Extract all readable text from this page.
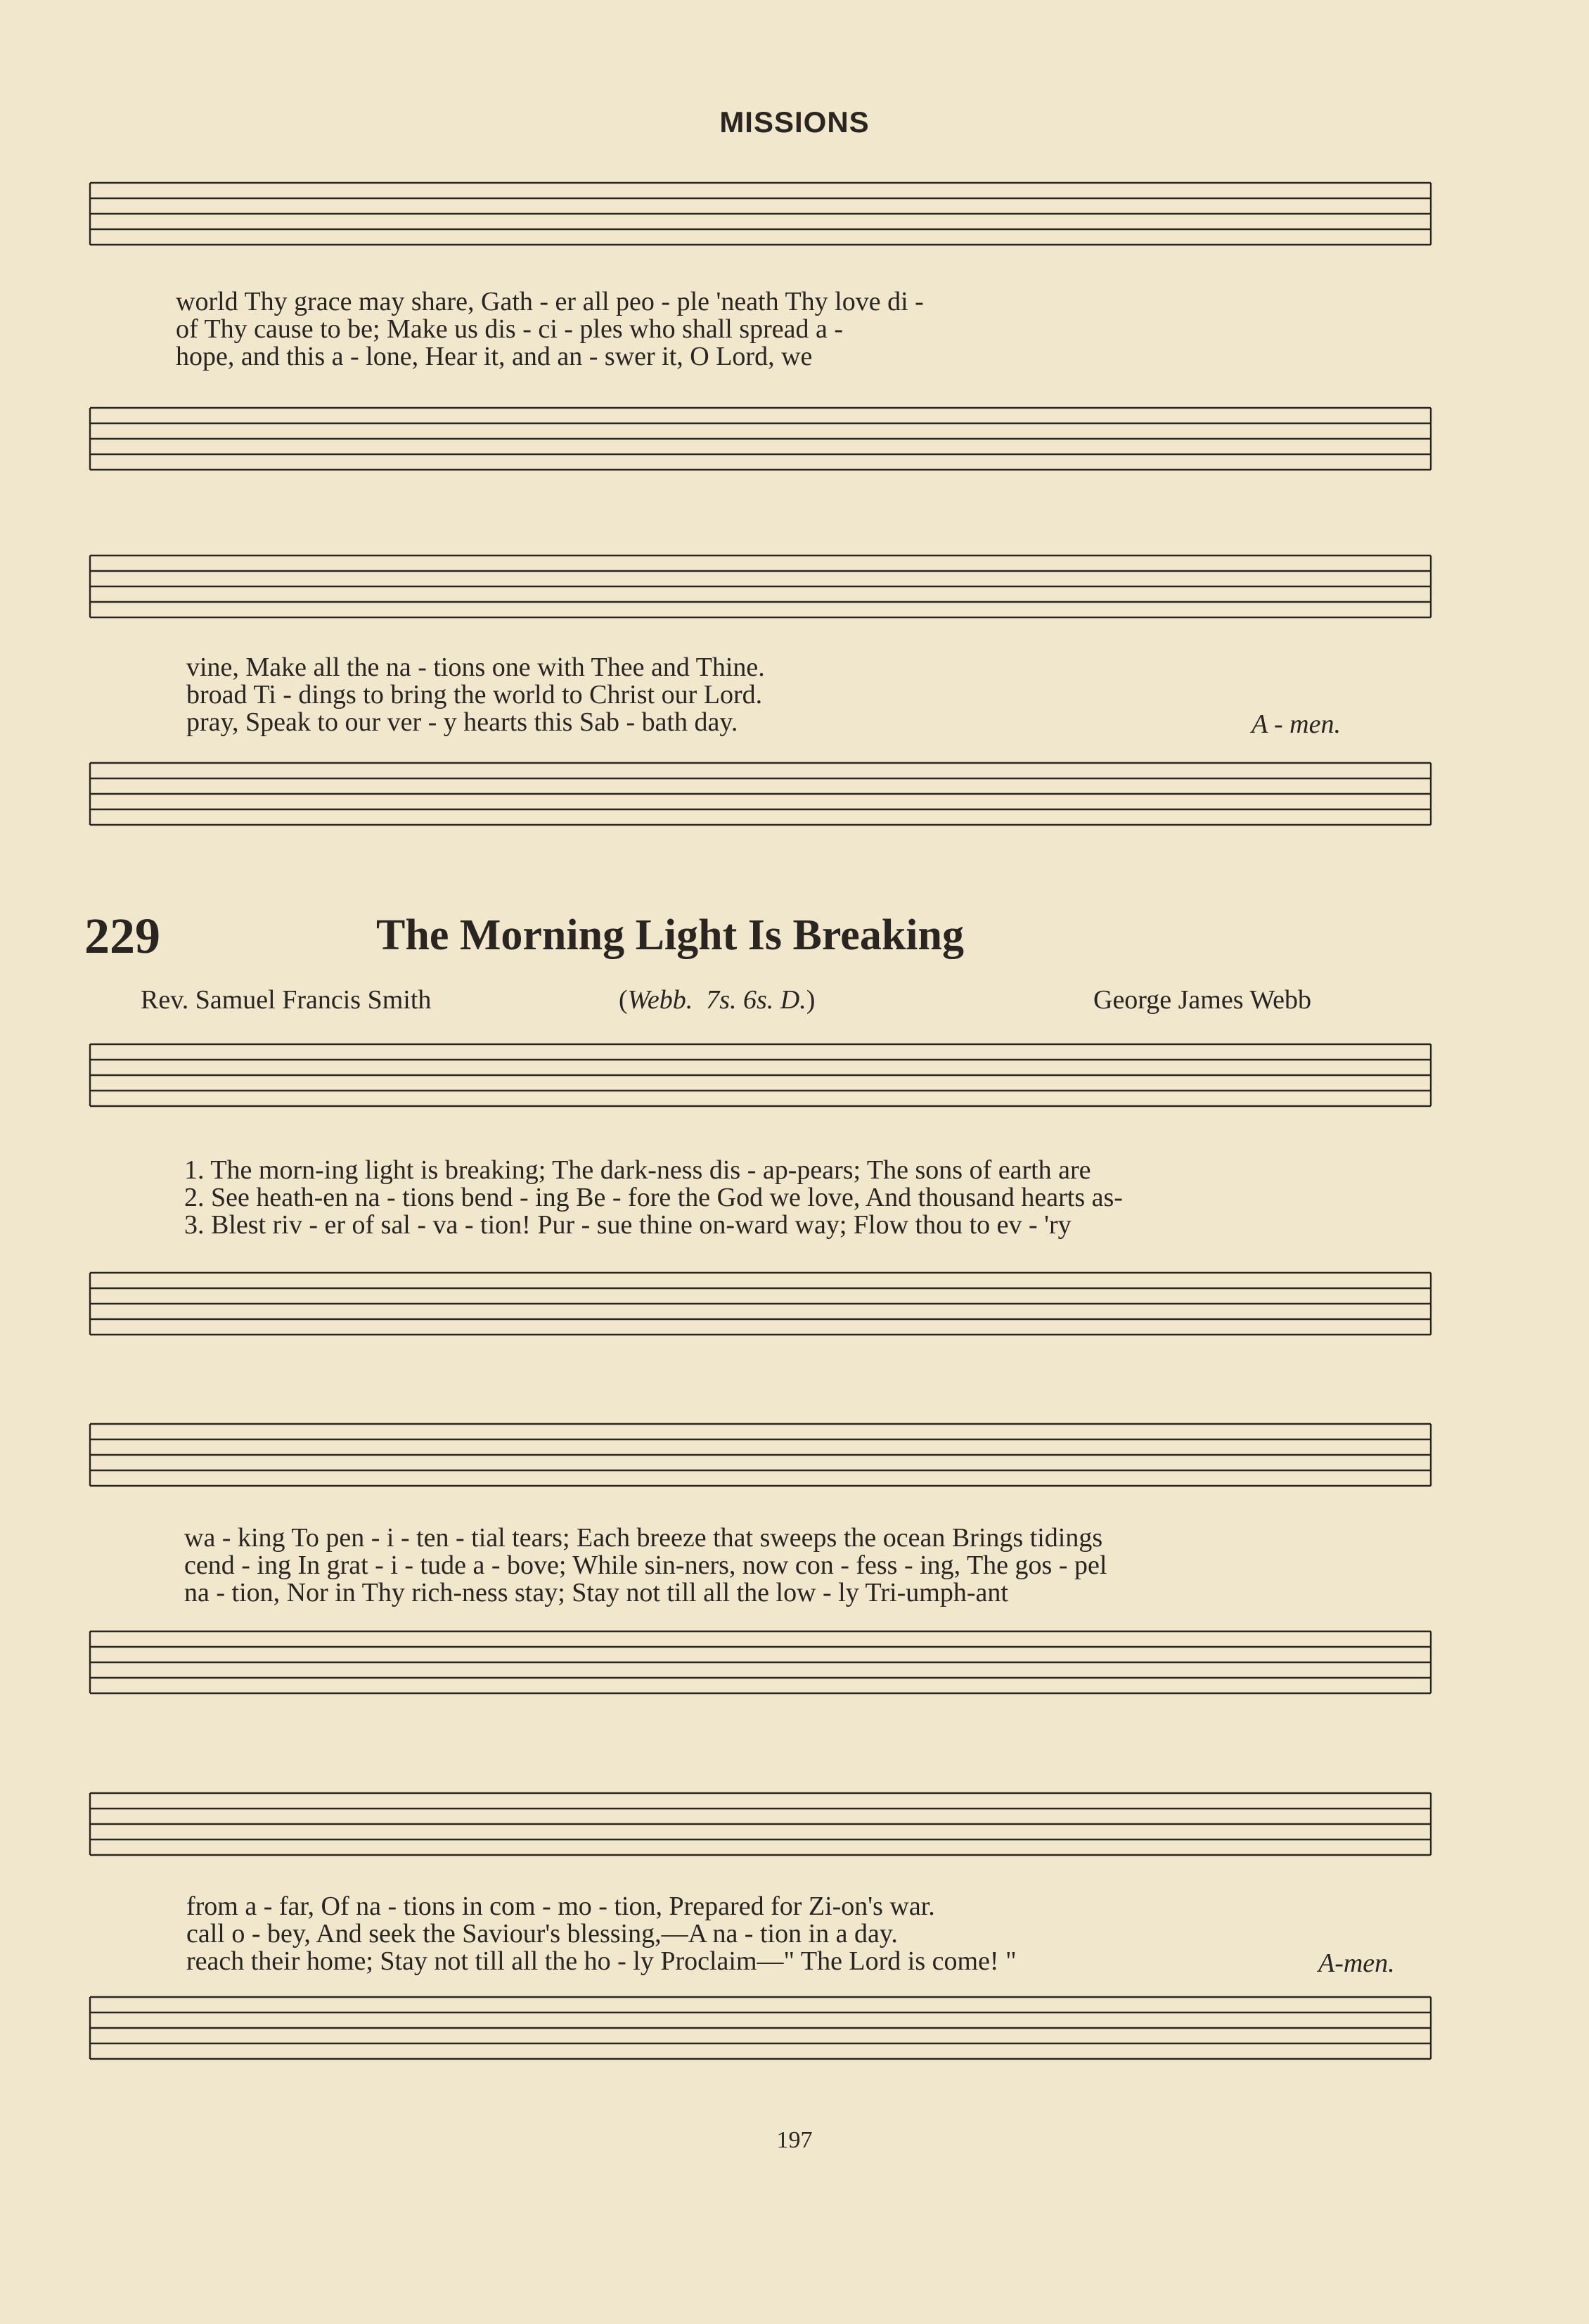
MISSIONS
world Thy grace may share, Gath - er all peo - ple 'neath Thy love di -
of Thy cause to be; Make us dis - ci - ples who shall spread a -
hope, and this a - lone, Hear it, and an - swer it, O Lord, we
vine, Make all the na - tions one with Thee and Thine.
broad Ti - dings to bring the world to Christ our Lord.
pray, Speak to our ver - y hearts this Sab - bath day.	A - men.
229	The Morning Light Is Breaking
Rev. Samuel Francis Smith	(Webb. 7s. 6s. D.)	George James Webb
1. The morn-ing light is breaking; The dark-ness dis - ap-pears; The sons of earth are
2. See heath-en na - tions bend - ing Be - fore the God we love, And thousand hearts as-
3. Blest riv - er of sal - va - tion! Pur - sue thine on-ward way; Flow thou to ev - 'ry
wa - king To pen - i - ten - tial tears; Each breeze that sweeps the ocean Brings tidings
cend - ing In grat - i - tude a - bove; While sin-ners, now con - fess - ing, The gos - pel
na - tion, Nor in Thy rich-ness stay; Stay not till all the low - ly Tri-umph-ant
from a - far, Of na - tions in com - mo - tion, Prepared for Zi-on's war.
call o - bey, And seek the Saviour's blessing,—A na - tion in a day.
reach their home; Stay not till all the ho - ly Proclaim—" The Lord is come! "	A-men.
197
